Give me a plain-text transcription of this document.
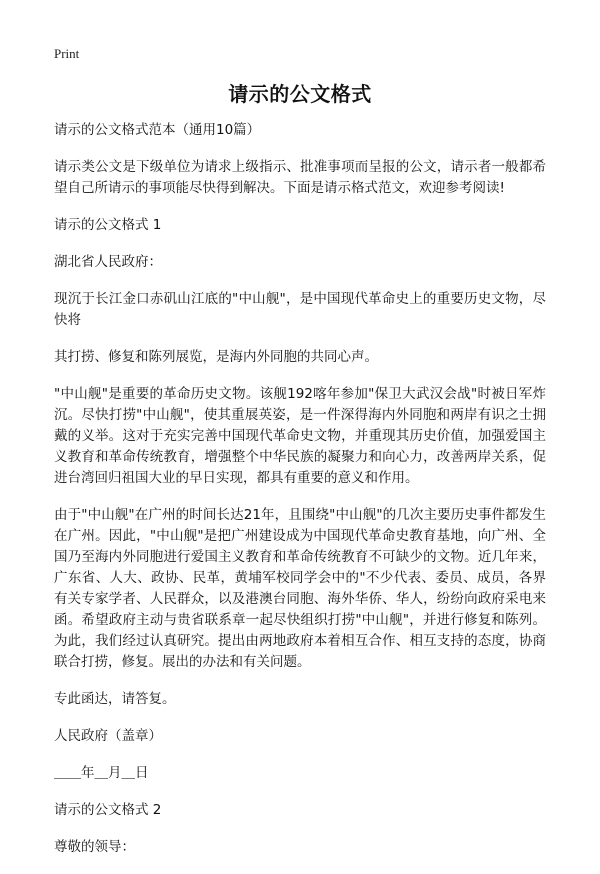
Print
请示的公文格式

请示的公文格式范本（通用10篇）

请示类公文是下级单位为请求上级指示、批准事项而呈报的公文，请示者一般都希望自己所请示的事项能尽快得到解决。下面是请示格式范文，欢迎参考阅读!

请示的公文格式 1

湖北省人民政府：

现沉于长江金口赤矶山江底的"中山舰"，是中国现代革命史上的重要历史文物，尽快将

其打捞、修复和陈列展览，是海内外同胞的共同心声。

"中山舰"是重要的革命历史文物。该舰192喀年参加"保卫大武汉会战"时被日军炸沉。尽快打捞"中山舰"，使其重展英姿，是一件深得海内外同胞和两岸有识之士拥戴的义举。这对于充实完善中国现代革命史文物，并重现其历史价值，加强爱国主义教育和革命传统教育，增强整个中华民族的凝聚力和向心力，改善两岸关系，促进台湾回归祖国大业的早日实现，都具有重要的意义和作用。

由于"中山舰"在广州的时间长达21年，且围绕"中山舰"的几次主要历史事件都发生在广州。因此，"中山舰"是把广州建设成为中国现代革命史教育基地，向广州、全国乃至海内外同胞进行爱国主义教育和革命传统教育不可缺少的文物。近几年来，广东省、人大、政协、民革，黄埔军校同学会中的"不少代表、委员、成员，各界有关专家学者、人民群众，以及港澳台同胞、海外华侨、华人，纷纷向政府采电来函。希望政府主动与贵省联系章一起尽快组织打捞"中山舰"，并进行修复和陈列。为此，我们经过认真研究。提出由两地政府本着相互合作、相互支持的态度，协商联合打捞，修复。展出的办法和有关问题。

专此函达，请答复。

人民政府（盖章）

＿＿年＿月＿日

请示的公文格式 2

尊敬的领导：
